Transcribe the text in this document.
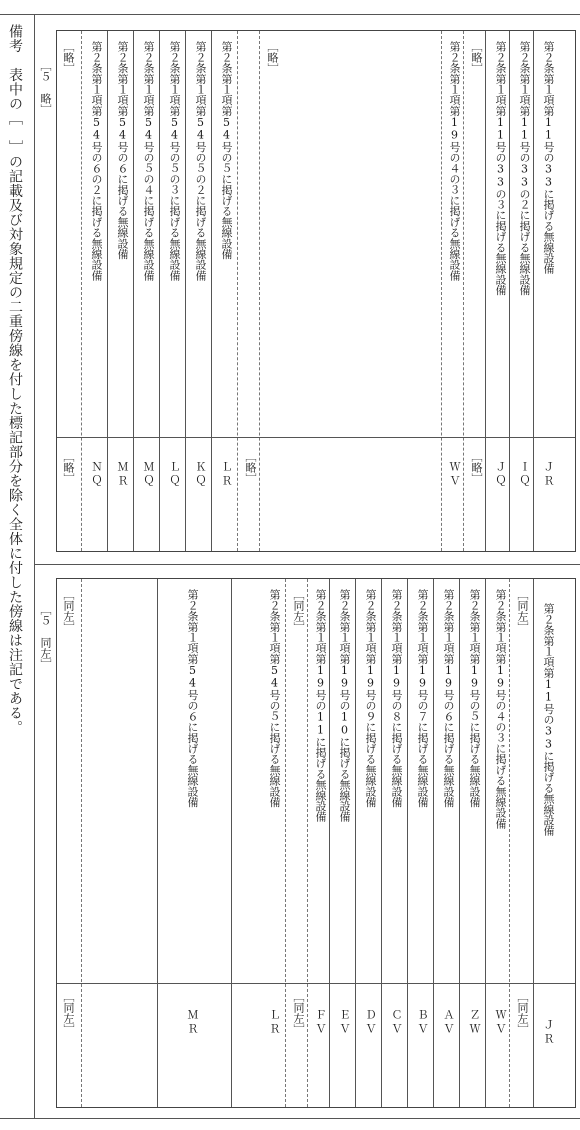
備考　表中の［　］の記載及び対象規定の二重傍線を付した標記部分を除く全体に付した傍線は注記である。 ［５　略］
［５　同左］
第２条第１項第11号の33に掲げる無線設備
ＪＲ
第２条第１項第11号の33の２に掲げる無線設備
ＩＱ
第２条第１項第11号の33の３に掲げる無線設備
ＪＱ
［略］
［略］
第２条第１項第19号の４の３に掲げる無線設備
ＷＶ
［略］
［略］
第２条第１項第54号の５に掲げる無線設備
ＬＲ
第２条第１項第54号の５の２に掲げる無線設備
ＫＱ
第２条第１項第54号の５の３に掲げる無線設備
ＬＱ
第２条第１項第54号の５の４に掲げる無線設備
ＭＱ
第２条第１項第54号の６に掲げる無線設備
ＭＲ
第２条第１項第54号の６の２に掲げる無線設備
ＮＱ
［略］
［略］
第２条第１項第11号の33に掲げる無線設備
ＪＲ
［同左］
［同左］
第２条第１項第19号の４の３に掲げる無線設備
ＷＶ
第２条第１項第19号の５に掲げる無線設備
ＺＷ
第２条第１項第19号の６に掲げる無線設備
ＡＶ
第２条第１項第19号の７に掲げる無線設備
ＢＶ
第２条第１項第19号の８に掲げる無線設備
ＣＶ
第２条第１項第19号の９に掲げる無線設備
ＤＶ
第２条第１項第19号の10に掲げる無線設備
ＥＶ
第２条第１項第19号の11に掲げる無線設備
ＦＶ
［同左］
［同左］
第２条第１項第54号の５に掲げる無線設備
ＬＲ
第２条第１項第54号の６に掲げる無線設備
ＭＲ
［同左］
［同左］
